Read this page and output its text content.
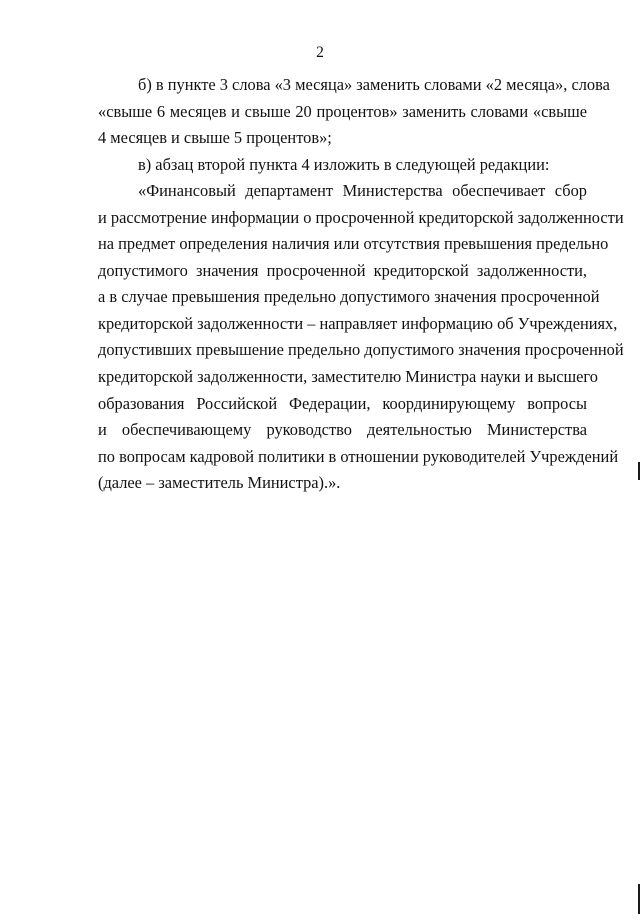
2
б) в пункте 3 слова «3 месяца» заменить словами «2 месяца», слова
«свыше 6 месяцев и свыше 20 процентов» заменить словами «свыше
4 месяцев и свыше 5 процентов»;
в) абзац второй пункта 4 изложить в следующей редакции:
«Финансовый департамент Министерства обеспечивает сбор
и рассмотрение информации о просроченной кредиторской задолженности
на предмет определения наличия или отсутствия превышения предельно
допустимого значения просроченной кредиторской задолженности,
а в случае превышения предельно допустимого значения просроченной
кредиторской задолженности – направляет информацию об Учреждениях,
допустивших превышение предельно допустимого значения просроченной
кредиторской задолженности, заместителю Министра науки и высшего
образования Российской Федерации, координирующему вопросы
и обеспечивающему руководство деятельностью Министерства
по вопросам кадровой политики в отношении руководителей Учреждений
(далее – заместитель Министра).».
